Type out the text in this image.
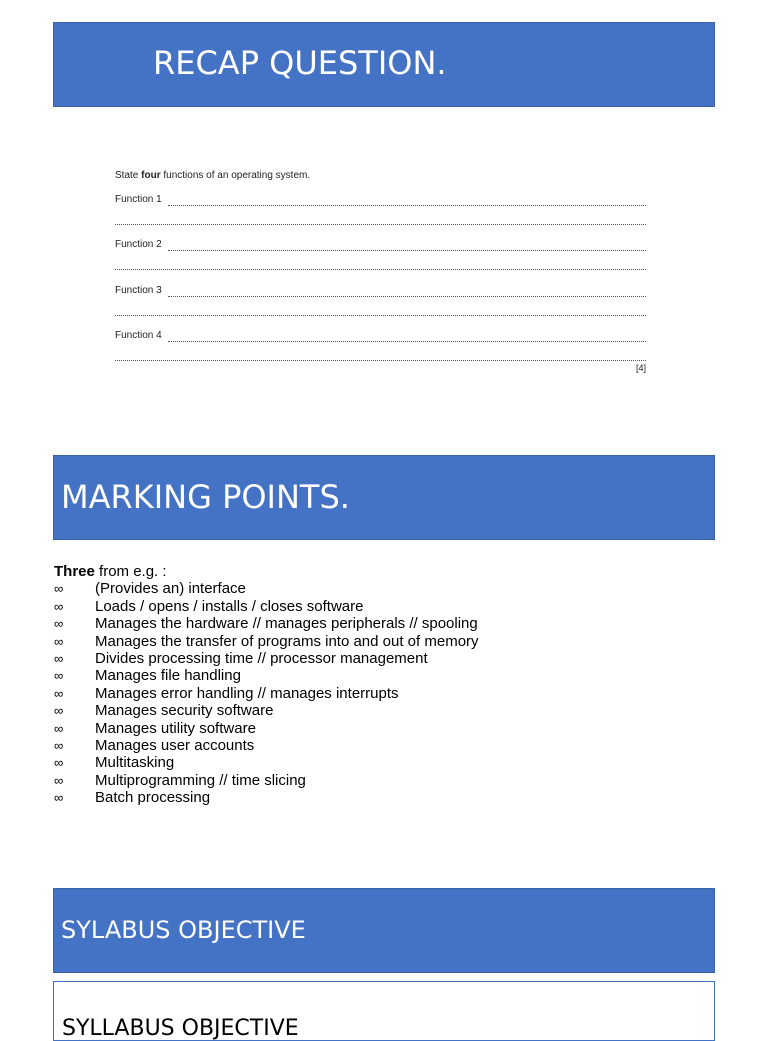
RECAP QUESTION.
State four functions of an operating system.
Function 1
Function 2
Function 3
Function 4
[4]
MARKING POINTS.

Three from e.g. :

∞	(Provides an) interface
∞	Loads / opens / installs / closes software
∞	Manages the hardware // manages peripherals // spooling
∞	Manages the transfer of programs into and out of memory
∞	Divides processing time // processor management
∞	Manages file handling
∞	Manages error handling // manages interrupts
∞	Manages security software
∞	Manages utility software
∞	Manages user accounts
∞	Multitasking
∞	Multiprogramming // time slicing
∞	Batch processing
SYLABUS OBJECTIVE
SYLLABUS OBJECTIVE
